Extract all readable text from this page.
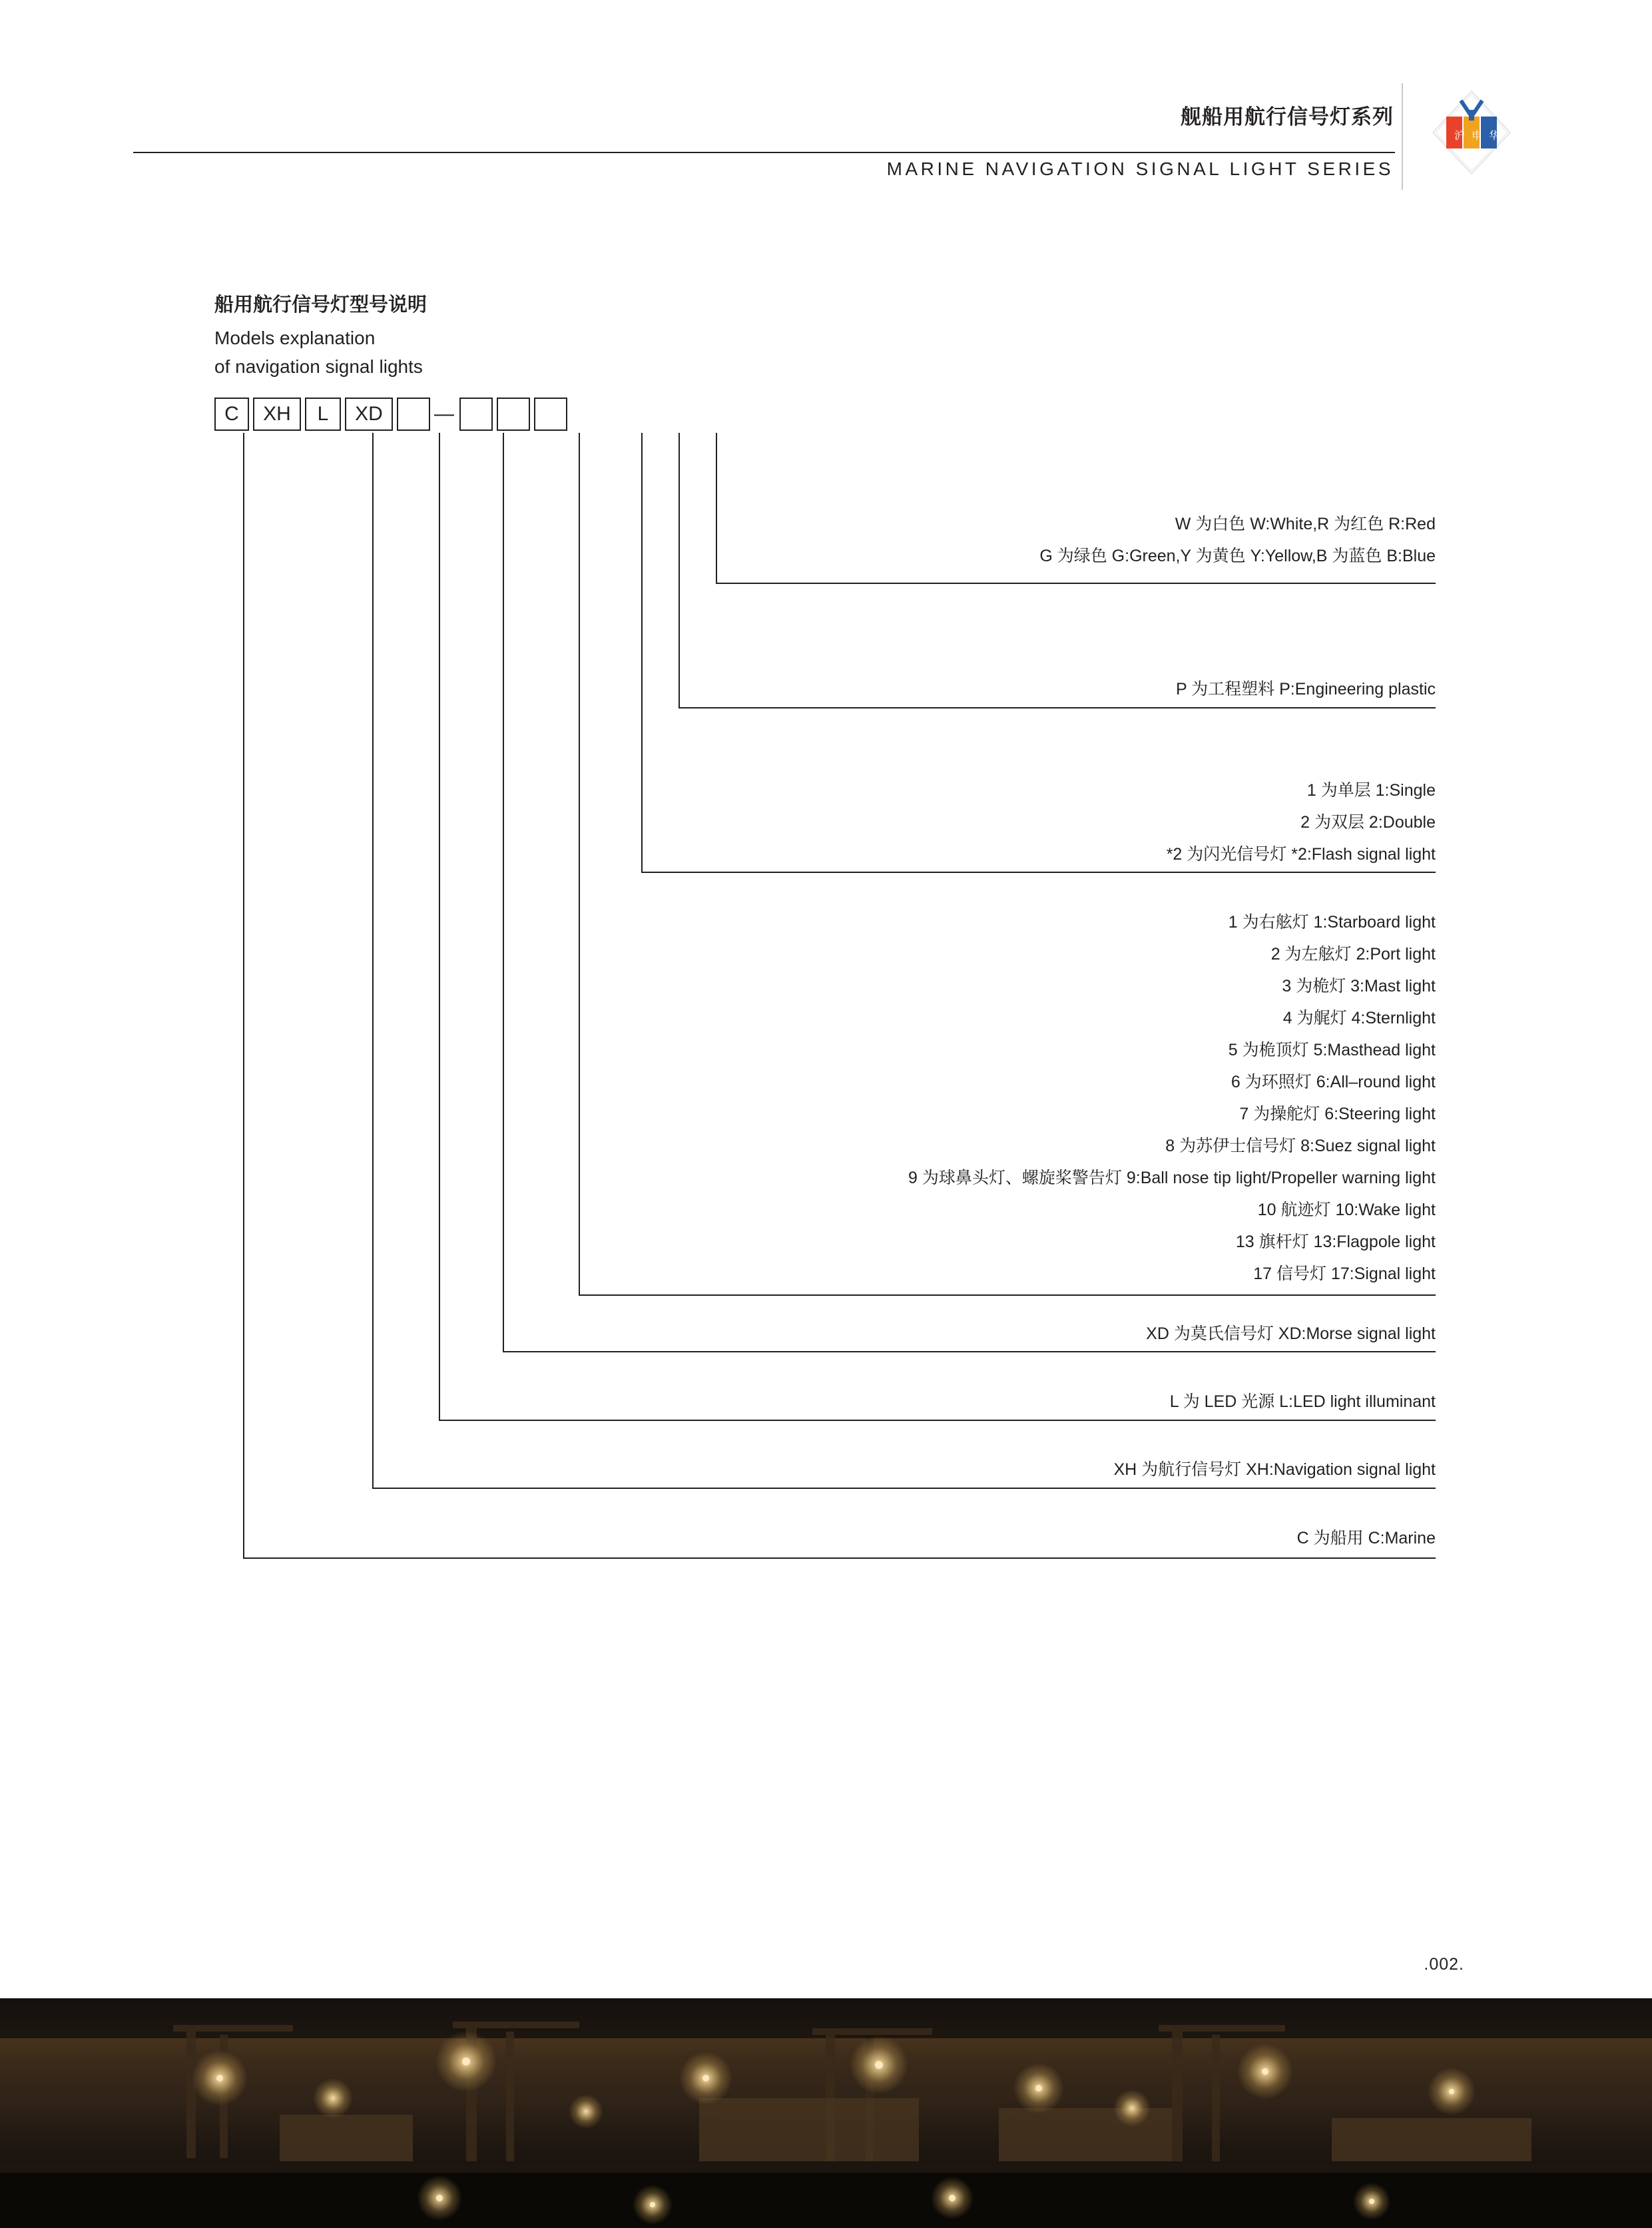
舰船用航行信号灯系列
MARINE NAVIGATION SIGNAL LIGHT SERIES
沪 申 华
船用航行信号灯型号说明
Models explanation
of navigation signal lights
C	XH	L	XD	—
W 为白色 W:White,R 为红色 R:Red
G 为绿色 G:Green,Y 为黄色 Y:Yellow,B 为蓝色 B:Blue
P 为工程塑料 P:Engineering plastic
1 为单层 1:Single
2 为双层 2:Double
*2 为闪光信号灯 *2:Flash signal light
1 为右舷灯 1:Starboard light
2 为左舷灯 2:Port light
3 为桅灯 3:Mast light
4 为艉灯 4:Sternlight
5 为桅顶灯 5:Masthead light
6 为环照灯 6:All–round light
7 为操舵灯 6:Steering light
8 为苏伊士信号灯 8:Suez signal light
9 为球鼻头灯、螺旋桨警告灯 9:Ball nose tip light/Propeller warning light
10 航迹灯 10:Wake light
13 旗杆灯 13:Flagpole light
17 信号灯 17:Signal light
XD 为莫氏信号灯 XD:Morse signal light
L 为 LED 光源 L:LED light illuminant
XH 为航行信号灯 XH:Navigation signal light
C 为船用 C:Marine
.002.
